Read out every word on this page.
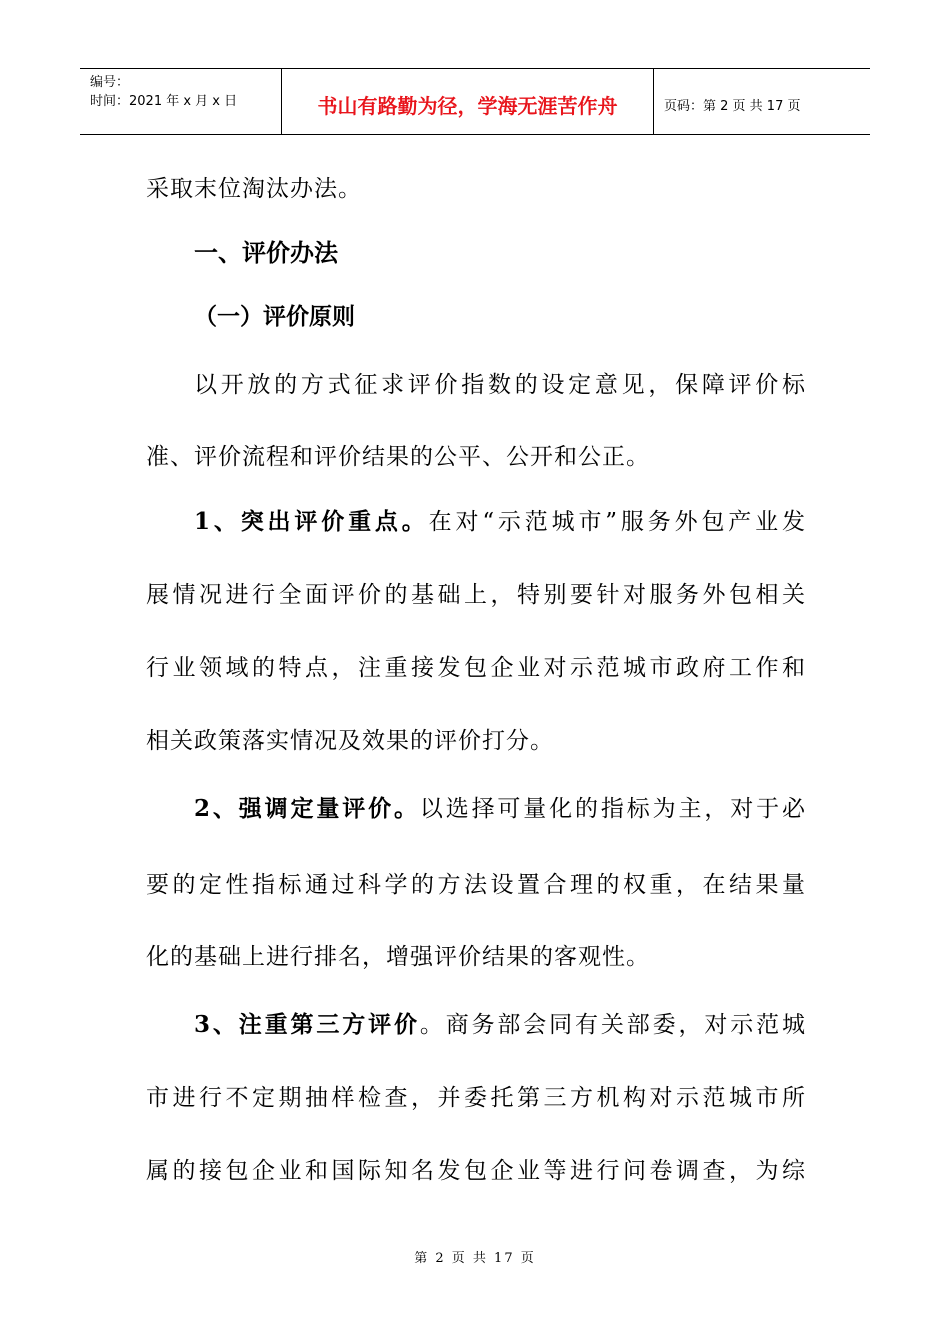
编号：
时间：2021 年 x 月 x 日	书山有路勤为径，学海无涯苦作舟	页码：第 2 页 共 17 页
采取末位淘汰办法。
一、评价办法
（一）评价原则
以开放的方式征求评价指数的设定意见，保障评价标
准、评价流程和评价结果的公平、公开和公正。
1、突出评价重点。在对“示范城市”服务外包产业发
展情况进行全面评价的基础上，特别要针对服务外包相关
行业领域的特点，注重接发包企业对示范城市政府工作和
相关政策落实情况及效果的评价打分。
2、强调定量评价。以选择可量化的指标为主，对于必
要的定性指标通过科学的方法设置合理的权重，在结果量
化的基础上进行排名，增强评价结果的客观性。
3、注重第三方评价。商务部会同有关部委，对示范城
市进行不定期抽样检查，并委托第三方机构对示范城市所
属的接包企业和国际知名发包企业等进行问卷调查，为综
第 2 页 共 17 页
